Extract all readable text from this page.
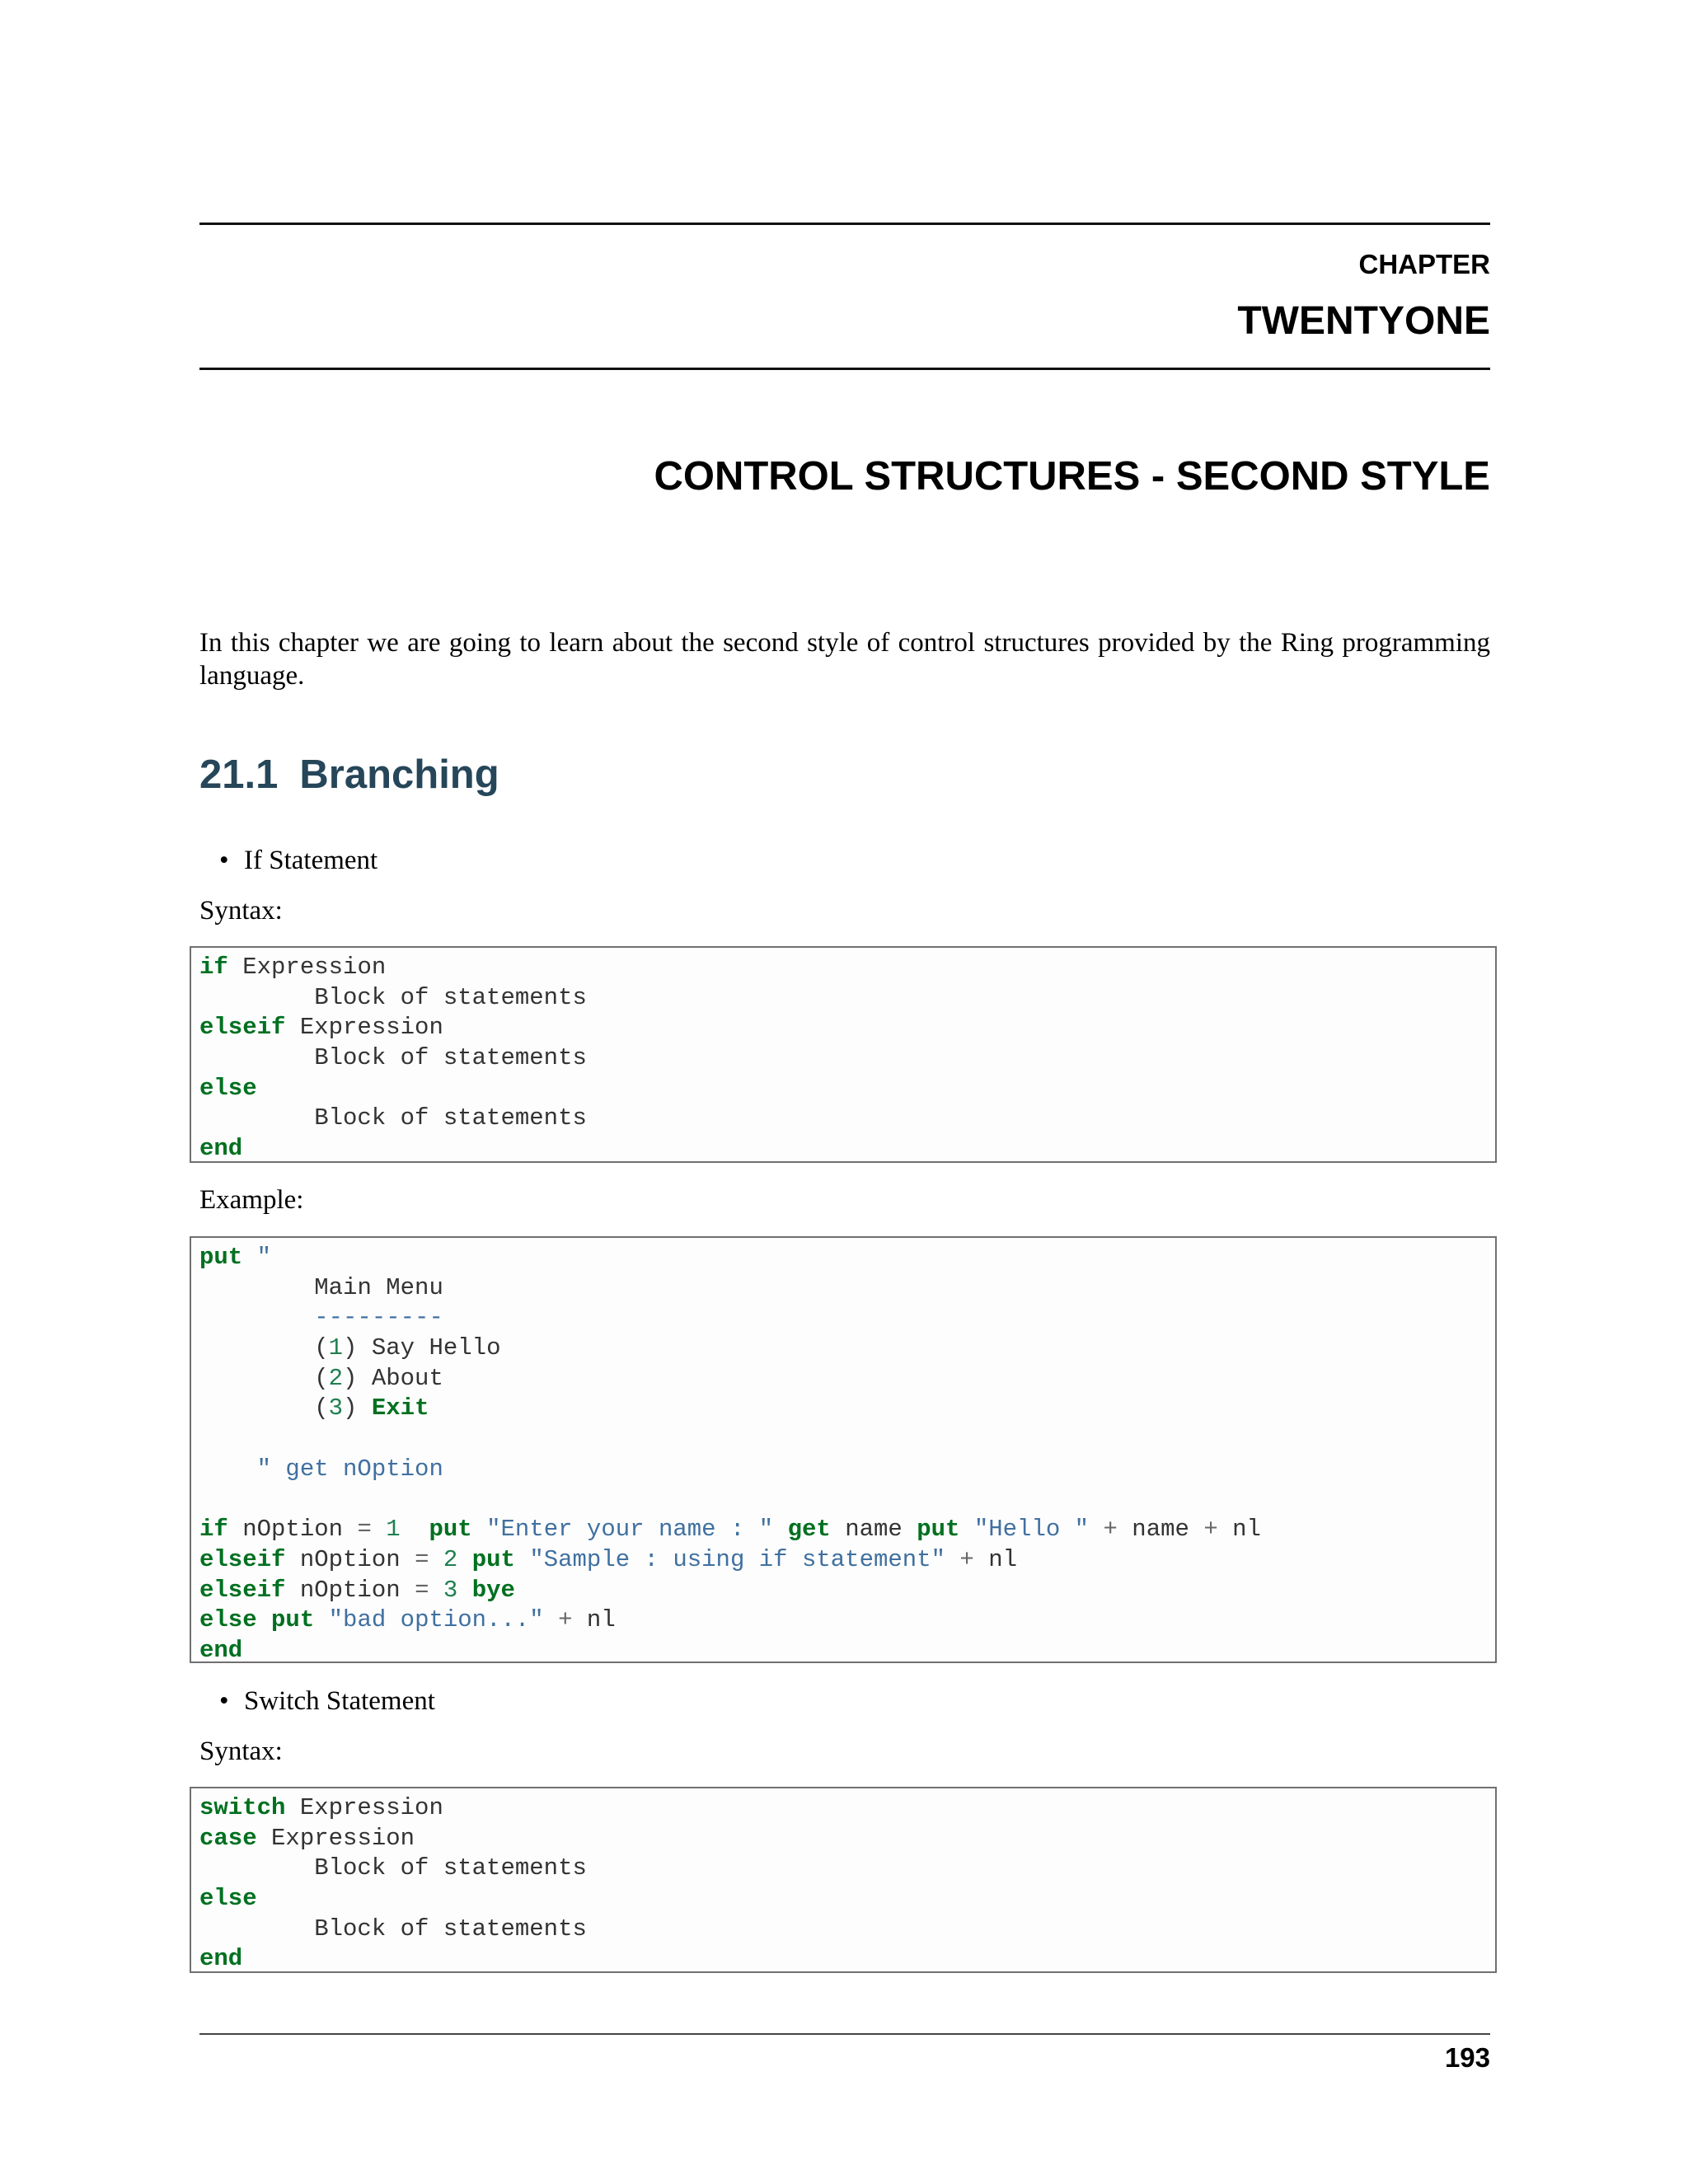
CHAPTER
TWENTYONE
CONTROL STRUCTURES - SECOND STYLE
In this chapter we are going to learn about the second style of control structures provided by the Ring programming language.
21.1 Branching
• If Statement
Syntax:
if Expression
Block of statements
elseif Expression
Block of statements
else
Block of statements
end
Example:
put "
Main Menu
---------
(1) Say Hello
(2) About
(3) Exit
" get nOption
if nOption = 1 put "Enter your name : " get name put "Hello " + name + nl
elseif nOption = 2 put "Sample : using if statement" + nl
elseif nOption = 3 bye
else put "bad option..." + nl
end
• Switch Statement
Syntax:
switch Expression
case Expression
Block of statements
else
Block of statements
end
193
